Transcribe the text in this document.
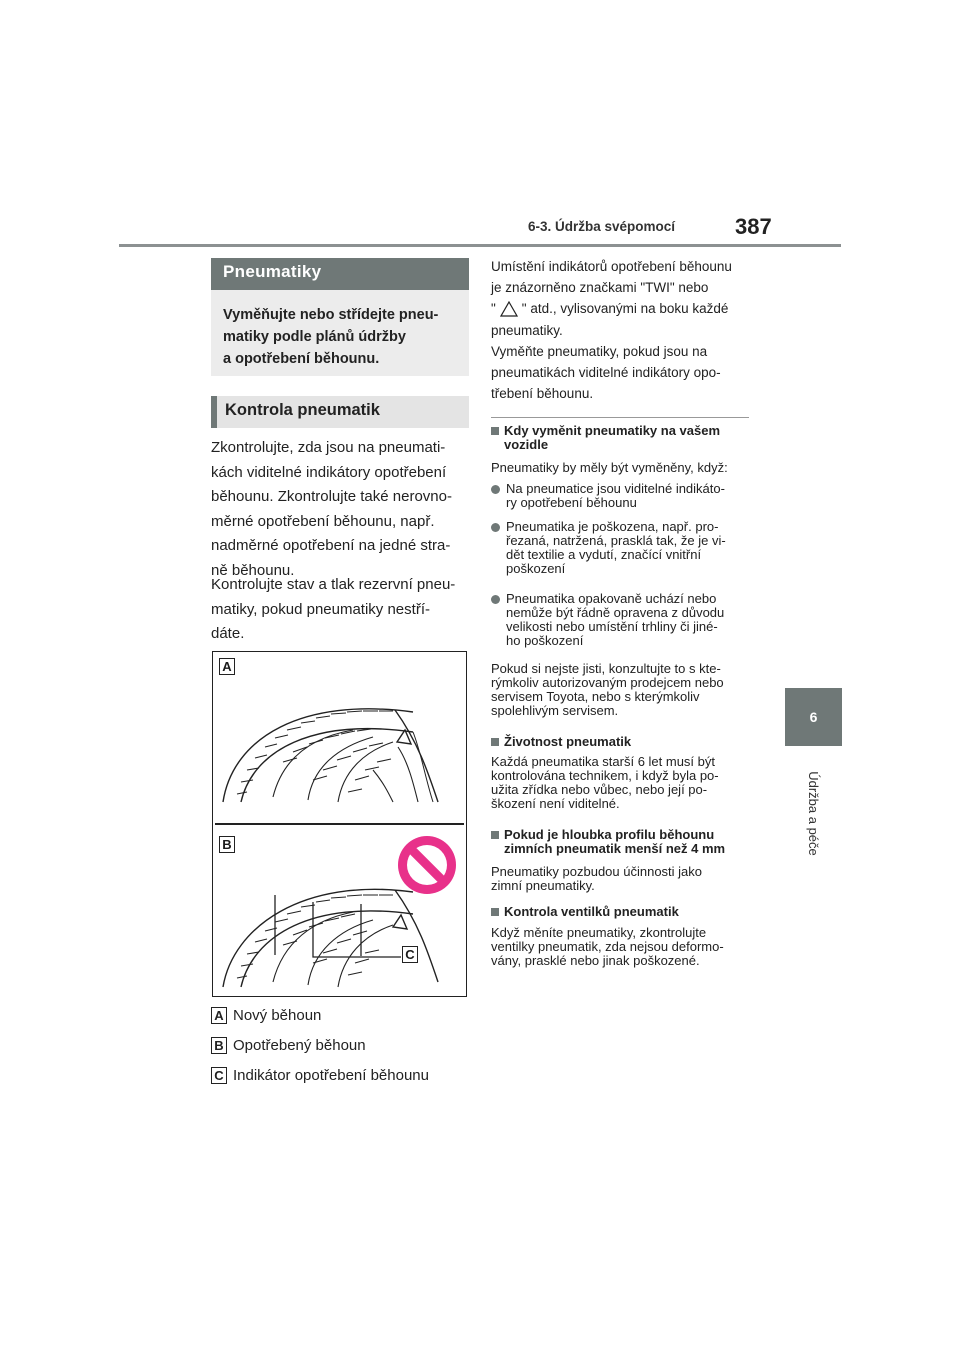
6-3. Údržba svépomocí	387
6
Údržba a péče
Pneumatiky
Vyměňujte nebo střídejte pneu-
matiky podle plánů údržby
a opotřebení běhounu.
Kontrola pneumatik
Zkontrolujte, zda jsou na pneumati-
kách viditelné indikátory opotřebení
běhounu. Zkontrolujte také nerovno-
měrné opotřebení běhounu, např.
nadměrné opotřebení na jedné stra-
ně běhounu.
Kontrolujte stav a tlak rezervní pneu-
matiky, pokud pneumatiky nestří-
dáte.
A
B
C
A Nový běhoun
B Opotřebený běhoun
C Indikátor opotřebení běhounu
Umístění indikátorů opotřebení běhounu
je znázorněno značkami "TWI" nebo
" " atd., vylisovanými na boku každé
pneumatiky.
Vyměňte pneumatiky, pokud jsou na
pneumatikách viditelné indikátory opo-
třebení běhounu.
Kdy vyměnit pneumatiky na vašem
vozidle
Pneumatiky by měly být vyměněny, když:
Na pneumatice jsou viditelné indikáto-
ry opotřebení běhounu
Pneumatika je poškozena, např. pro-
řezaná, natržená, prasklá tak, že je vi-
dět textilie a vydutí, značící vnitřní
poškození
Pneumatika opakovaně uchází nebo
nemůže být řádně opravena z důvodu
velikosti nebo umístění trhliny či jiné-
ho poškození
Pokud si nejste jisti, konzultujte to s kte-
rýmkoliv autorizovaným prodejcem nebo
servisem Toyota, nebo s kterýmkoliv
spolehlivým servisem.
Životnost pneumatik
Každá pneumatika starší 6 let musí být
kontrolována technikem, i když byla po-
užita zřídka nebo vůbec, nebo její po-
škození není viditelné.
Pokud je hloubka profilu běhounu
zimních pneumatik menší než 4 mm
Pneumatiky pozbudou účinnosti jako
zimní pneumatiky.
Kontrola ventilků pneumatik
Když měníte pneumatiky, zkontrolujte
ventilky pneumatik, zda nejsou deformo-
vány, prasklé nebo jinak poškozené.
